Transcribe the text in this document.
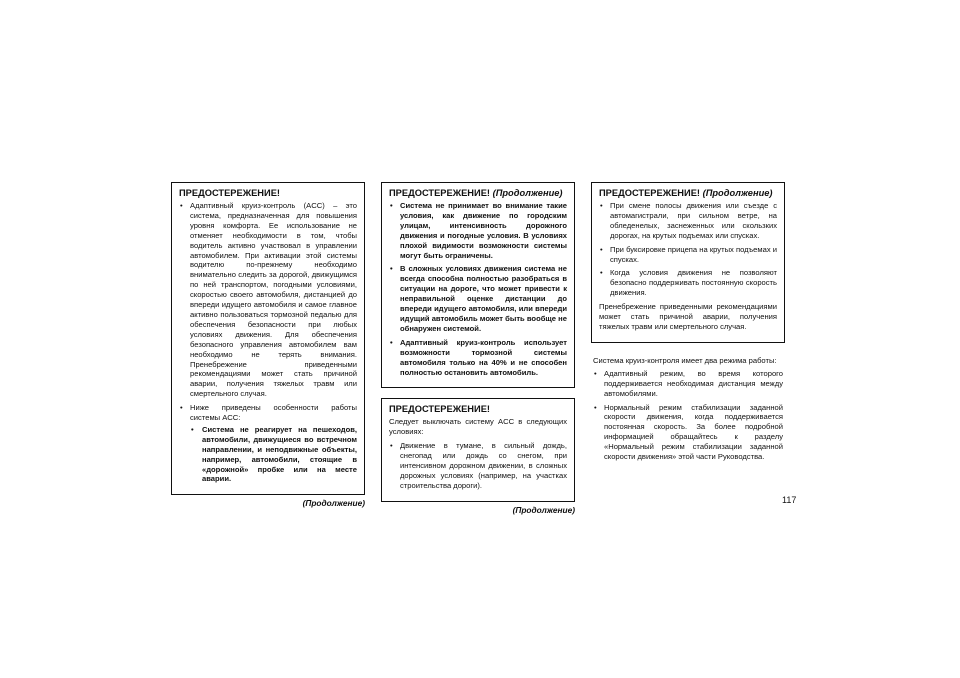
ПРЕДОСТЕРЕЖЕНИЕ!
• Адаптивный круиз-контроль (ACC) – это система, предназначенная для повышения уровня комфорта. Ее использование не отменяет необходимости в том, чтобы водитель активно участвовал в управлении автомобилем. При активации этой системы водителю по-прежнему необходимо внимательно следить за дорогой, движущимся по ней транспортом, погодными условиями, скоростью своего автомобиля, дистанцией до впереди идущего автомобиля и самое главное активно пользоваться тормозной педалью для обеспечения безопасности при любых условиях движения. Для обеспечения безопасного управления автомобилем вам необходимо не терять внимания. Пренебрежение приведенными рекомендациями может стать причиной аварии, получения тяжелых травм или смертельного случая.
• Ниже приведены особенности работы системы ACC:
• Система не реагирует на пешеходов, автомобили, движущиеся во встречном направлении, и неподвижные объекты, например, автомобили, стоящие в «дорожной» пробке или на месте аварии.
(Продолжение)
ПРЕДОСТЕРЕЖЕНИЕ! (Продолжение)
• Система не принимает во внимание такие условия, как движение по городским улицам, интенсивность дорожного движения и погодные условия. В условиях плохой видимости возможности системы могут быть ограничены.
• В сложных условиях движения система не всегда способна полностью разобраться в ситуации на дороге, что может привести к неправильной оценке дистанции до впереди идущего автомобиля, или впереди идущий автомобиль может быть вообще не обнаружен системой.
• Адаптивный круиз-контроль использует возможности тормозной системы автомобиля только на 40% и не способен полностью остановить автомобиль.
ПРЕДОСТЕРЕЖЕНИЕ!

Следует выключать систему ACC в следующих условиях:

• Движение в тумане, в сильный дождь, снегопад или дождь со снегом, при интенсивном дорожном движении, в сложных дорожных условиях (например, на участках строительства дороги).
(Продолжение)
ПРЕДОСТЕРЕЖЕНИЕ! (Продолжение)
• При смене полосы движения или съезде с автомагистрали, при сильном ветре, на обледенелых, заснеженных или скользких дорогах, на крутых подъемах или спусках.
• При буксировке прицепа на крутых подъемах и спусках.
• Когда условия движения не позволяют безопасно поддерживать постоянную скорость движения.

Пренебрежение приведенными рекомендациями может стать причиной аварии, получения тяжелых травм или смертельного случая.

Система круиз-контроля имеет два режима работы:

• Адаптивный режим, во время которого поддерживается необходимая дистанция между автомобилями.
• Нормальный режим стабилизации заданной скорости движения, когда поддерживается постоянная скорость. За более подробной информацией обращайтесь к разделу «Нормальный режим стабилизации заданной скорости движения» этой части Руководства.
117
